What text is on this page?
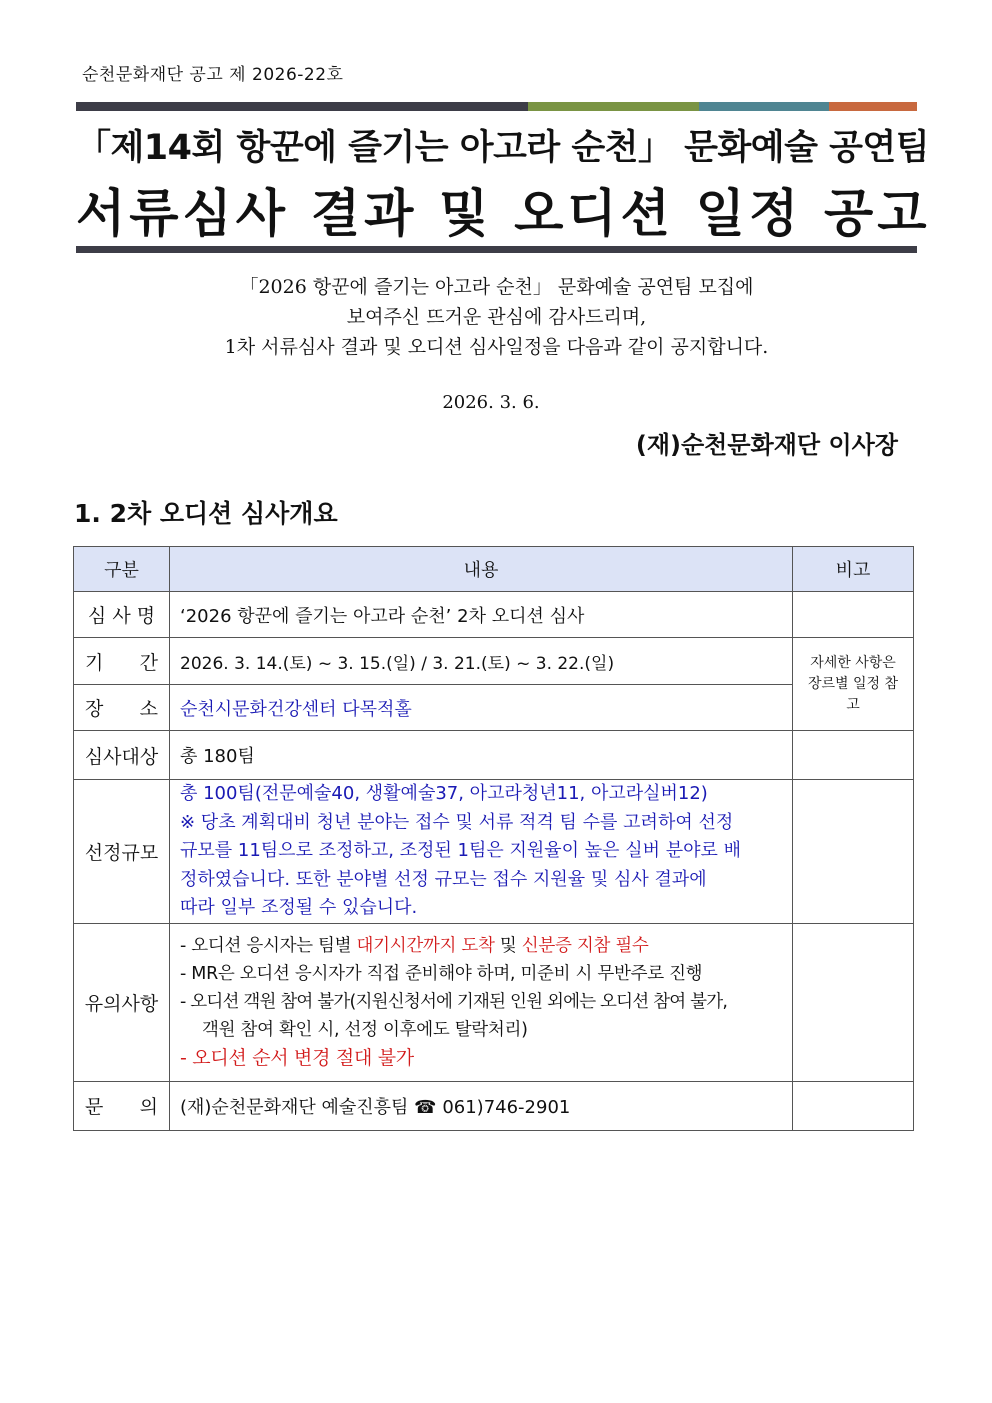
순천문화재단 공고 제 2026-22호
「제14회 항꾼에 즐기는 아고라 순천」 문화예술 공연팀
서류심사 결과 및 오디션 일정 공고
「2026 항꾼에 즐기는 아고라 순천」 문화예술 공연팀 모집에
보여주신 뜨거운 관심에 감사드리며,
1차 서류심사 결과 및 오디션 심사일정을 다음과 같이 공지합니다.
2026. 3. 6.
(재)순천문화재단 이사장
1. 2차 오디션 심사개요
구분	내용	비고
심 사 명	‘2026 항꾼에 즐기는 아고라 순천’ 2차 오디션 심사	
기      간	2026. 3. 14.(토) ~ 3. 15.(일) / 3. 21.(토) ~ 3. 22.(일)	자세한 사항은
장르별 일정 참고

장      소	순천시문화건강센터 다목적홀	
심사대상	총 180팀	
선정규모	총 100팀(전문예술40, 생활예술37, 아고라청년11, 아고라실버12)
※ 당초 계획대비 청년 분야는 접수 및 서류 적격 팀 수를 고려하여 선정
규모를 11팀으로 조정하고, 조정된 1팀은 지원율이 높은 실버 분야로 배
정하였습니다. 또한 분야별 선정 규모는 접수 지원율 및 심사 결과에
따라 일부 조정될 수 있습니다.	

유의사항	- 오디션 응시자는 팀별 대기시간까지 도착 및 신분증 지참 필수
- MR은 오디션 응시자가 직접 준비해야 하며, 미준비 시 무반주로 진행
- 오디션 객원 참여 불가(지원신청서에 기재된 인원 외에는 오디션 참여 불가,
객원 참여 확인 시, 선정 이후에도 탈락처리)
- 오디션 순서 변경 절대 불가	

문      의	(재)순천문화재단 예술진흥팀 ☎ 061)746-2901	
